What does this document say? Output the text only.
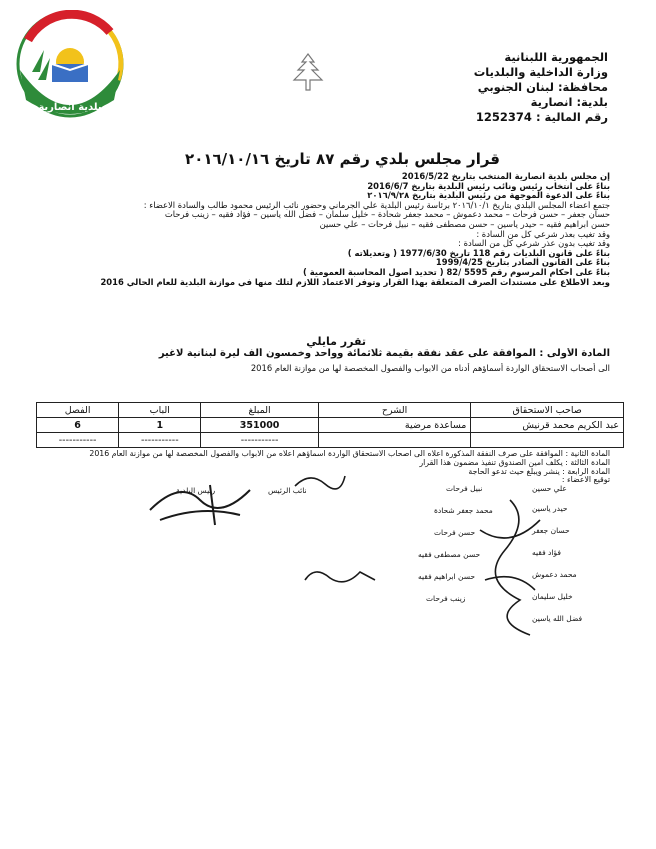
بلدية انصارية
الجمهورية اللبنانية
وزارة الداخلية والبلديات
محافظة: لبنان الجنوبي
بلدية: انصارية
رقم المالية : 1252374
قرار مجلس بلدي رقم ٨٧ تاريخ ٢٠١٦/١٠/١٦
إن مجلس بلدية انصارية المنتخب بتاريخ 2016/5/22
بناءً على انتخاب رئيس ونائب رئيس البلدية بتاريخ 2016/6/7
بناءً على الدعوة الموجهة من رئيس البلدية بتاريخ ٢٠١٦/٩/٢٨
جتمع أعضاء المجلس البلدي بتاريخ ٢٠١٦/١٠/١ برئاسة رئيس البلدية علي الجرماني وحضور نائب الرئيس محمود طالب والسادة الاعضاء :
حسان جعفر – حسن فرحات – محمد دعموش – محمد جعفر شحادة – خليل سلمان – فضل الله ياسين – فؤاد فقيه – زينب فرحات
حسن ابراهيم فقيه – حيدر ياسين – حسن مصطفى فقيه – نبيل فرحات – علي حسين
وقد تغيب بعذر شرعي كل من السادة :
وقد تغيب بدون عذر شرعي كل من السادة :
بناءً على قانون البلديات رقم 118 تاريخ 1977/6/30 ( وتعديلاته )
بناءً على القانون الصادر بتاريخ 1999/4/25
بناءً على أحكام المرسوم رقم 5595 /82 ( تحديد أصول المحاسبة العمومية )
وبعد الاطلاع على مستندات الصرف المتعلقة بهذا القرار وتوفر الاعتماد اللازم لتلك منها في موازنة البلدية للعام الحالي 2016
تقرر مايلي
المادة الأولى : الموافقة على عقد نفقة بقيمة ثلاثمائة وواحد وخمسون ألف ليرة لبنانية لاغير
الى أصحاب الاستحقاق الواردة أسماؤهم أدناه من الابواب والفصول المخصصة لها من موازنة العام 2016
صاحب الاستحقاق	الشرح	المبلغ	الباب	الفصل
عبد الكريم محمد قرنيش	مساعدة مرضية	351000	1	6
		-----------	-----------	-----------
المادة الثانية : الموافقة على صرف النفقة المذكورة أعلاه الى أصحاب الاستحقاق الواردة أسماؤهم اعلاه من الابواب والفصول المخصصة لها من موازنة العام 2016
المادة الثالثة : يكلف أمين الصندوق تنفيذ مضمون هذا القرار
المادة الرابعة : ينشر ويبلغ حيث تدعو الحاجة
توقيع الاعضاء :
رئيس البلدية	نائب الرئيس	علي حسين
نبيل فرحات
حيدر ياسين
محمد جعفر شحادة
حسان جعفر
حسن فرحات
فؤاد فقيه
حسن مصطفى فقيه
محمد دعموش
حسن ابراهيم فقيه
خليل سليمان
زينب فرحات
فضل الله ياسين
